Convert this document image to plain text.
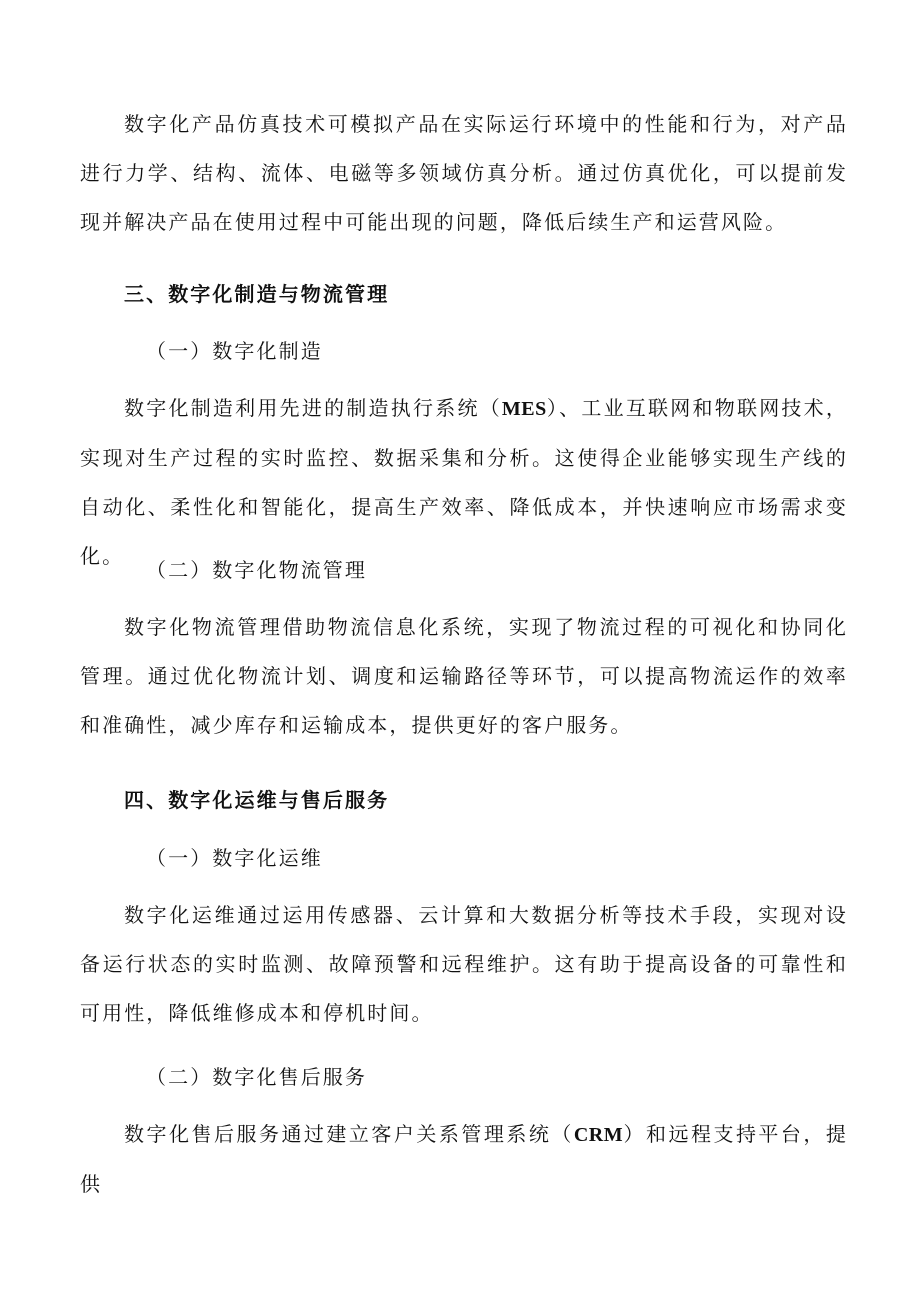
数字化产品仿真技术可模拟产品在实际运行环境中的性能和行为，对产品进行力学、结构、流体、电磁等多领域仿真分析。通过仿真优化，可以提前发现并解决产品在使用过程中可能出现的问题，降低后续生产和运营风险。

三、数字化制造与物流管理

（一）数字化制造

数字化制造利用先进的制造执行系统（MES）、工业互联网和物联网技术，实现对生产过程的实时监控、数据采集和分析。这使得企业能够实现生产线的自动化、柔性化和智能化，提高生产效率、降低成本，并快速响应市场需求变化。

（二）数字化物流管理

数字化物流管理借助物流信息化系统，实现了物流过程的可视化和协同化管理。通过优化物流计划、调度和运输路径等环节，可以提高物流运作的效率和准确性，减少库存和运输成本，提供更好的客户服务。

四、数字化运维与售后服务

（一）数字化运维

数字化运维通过运用传感器、云计算和大数据分析等技术手段，实现对设备运行状态的实时监测、故障预警和远程维护。这有助于提高设备的可靠性和可用性，降低维修成本和停机时间。

（二）数字化售后服务

数字化售后服务通过建立客户关系管理系统（CRM）和远程支持平台，提供
